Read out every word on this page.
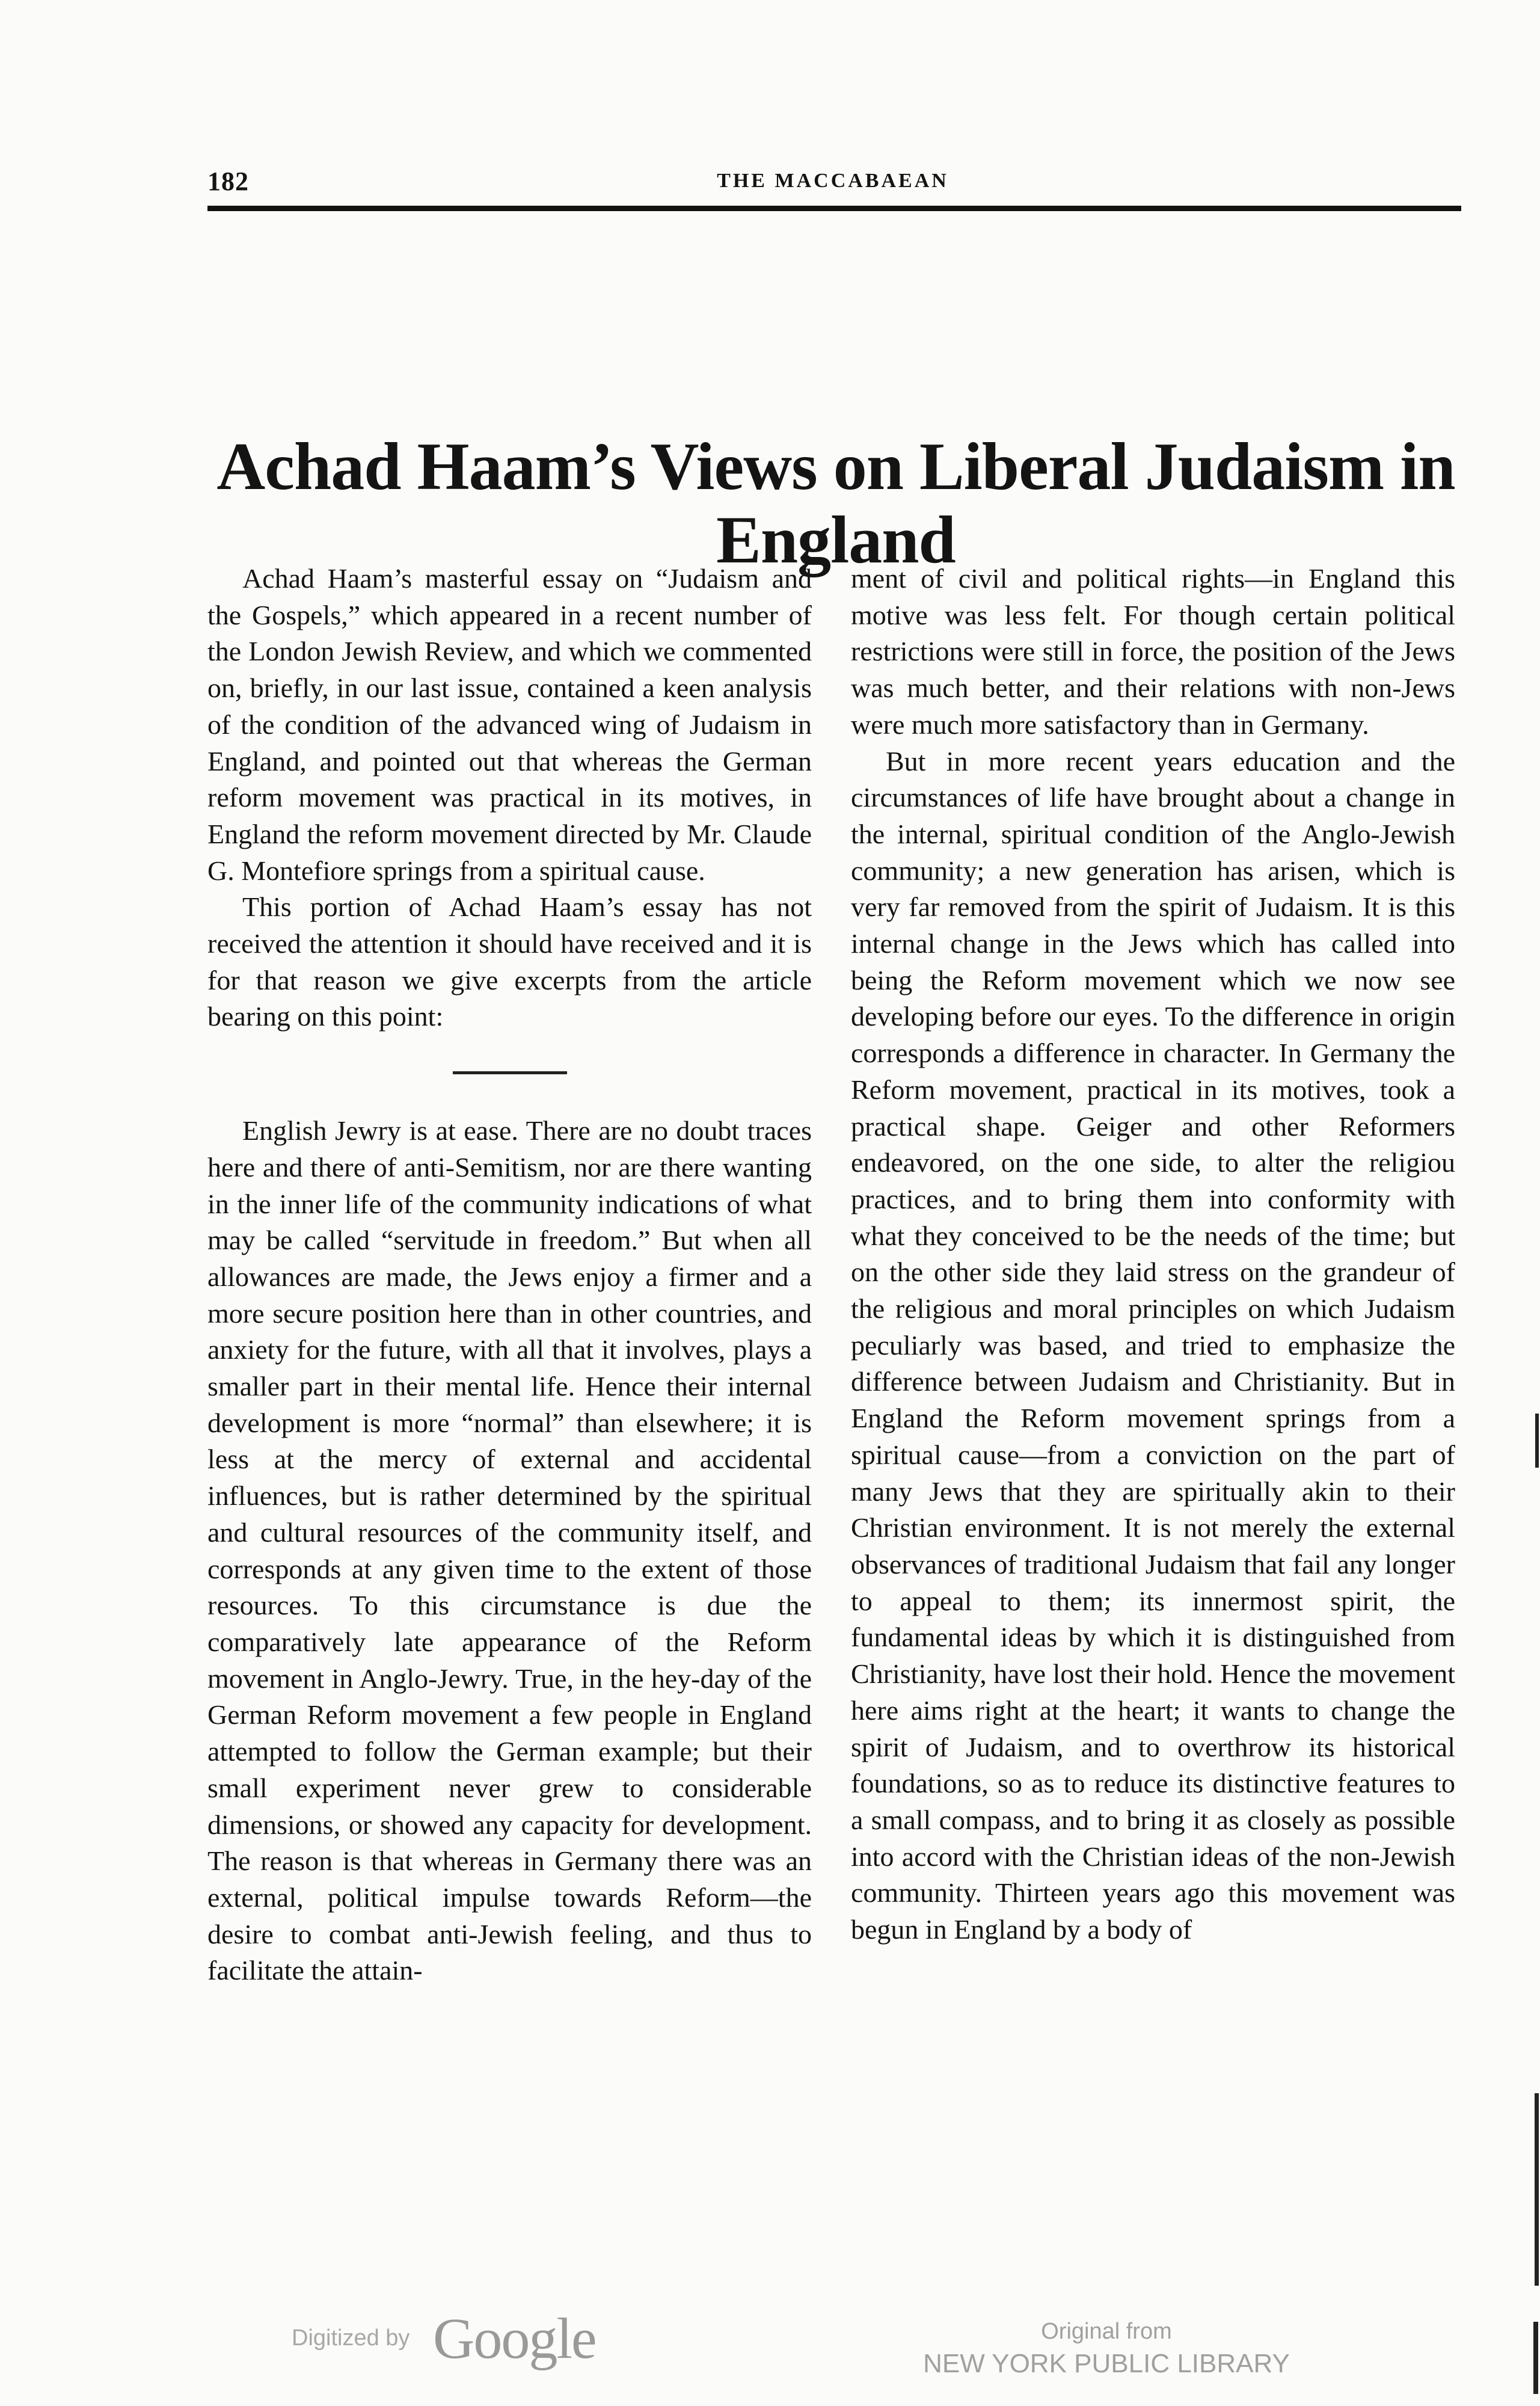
182	THE MACCABAEAN
Achad Haam’s Views on Liberal Judaism in England

Achad Haam’s masterful essay on “Judaism and the Gospels,” which appeared in a recent number of the London Jewish Review, and which we commented on, briefly, in our last issue, contained a keen analysis of the condition of the advanced wing of Judaism in England, and pointed out that whereas the German reform movement was practical in its motives, in England the reform movement directed by Mr. Claude G. Montefiore springs from a spiritual cause.

This portion of Achad Haam’s essay has not received the attention it should have received and it is for that reason we give excerpts from the article bearing on this point:

English Jewry is at ease. There are no doubt traces here and there of anti-Semitism, nor are there wanting in the inner life of the community indications of what may be called “servitude in freedom.” But when all allowances are made, the Jews enjoy a firmer and a more secure position here than in other countries, and anxiety for the future, with all that it involves, plays a smaller part in their mental life. Hence their internal development is more “normal” than elsewhere; it is less at the mercy of external and accidental influences, but is rather determined by the spiritual and cultural resources of the community itself, and corresponds at any given time to the extent of those resources. To this circumstance is due the comparatively late appearance of the Reform movement in Anglo-Jewry. True, in the hey-day of the German Reform movement a few people in England attempted to follow the German example; but their small experiment never grew to considerable dimensions, or showed any capacity for development. The reason is that whereas in Germany there was an external, political impulse towards Reform—the desire to combat anti-Jewish feeling, and thus to facilitate the attain-

ment of civil and political rights—in England this motive was less felt. For though certain political restrictions were still in force, the position of the Jews was much better, and their relations with non-Jews were much more satisfactory than in Germany.

But in more recent years education and the circumstances of life have brought about a change in the internal, spiritual condition of the Anglo-Jewish community; a new generation has arisen, which is very far removed from the spirit of Judaism. It is this internal change in the Jews which has called into being the Reform movement which we now see developing before our eyes. To the difference in origin corresponds a difference in character. In Germany the Reform movement, practical in its motives, took a practical shape. Geiger and other Reformers endeavored, on the one side, to alter the religiou practices, and to bring them into conformity with what they conceived to be the needs of the time; but on the other side they laid stress on the grandeur of the religious and moral principles on which Judaism peculiarly was based, and tried to emphasize the difference between Judaism and Christianity. But in England the Reform movement springs from a spiritual cause—from a conviction on the part of many Jews that they are spiritually akin to their Christian environment. It is not merely the external observances of traditional Judaism that fail any longer to appeal to them; its innermost spirit, the fundamental ideas by which it is distinguished from Christianity, have lost their hold. Hence the movement here aims right at the heart; it wants to change the spirit of Judaism, and to overthrow its historical foundations, so as to reduce its distinctive features to a small compass, and to bring it as closely as possible into accord with the Christian ideas of the non-Jewish community. Thirteen years ago this movement was begun in England by a body of

Digitized by Google	Original from
NEW YORK PUBLIC LIBRARY
